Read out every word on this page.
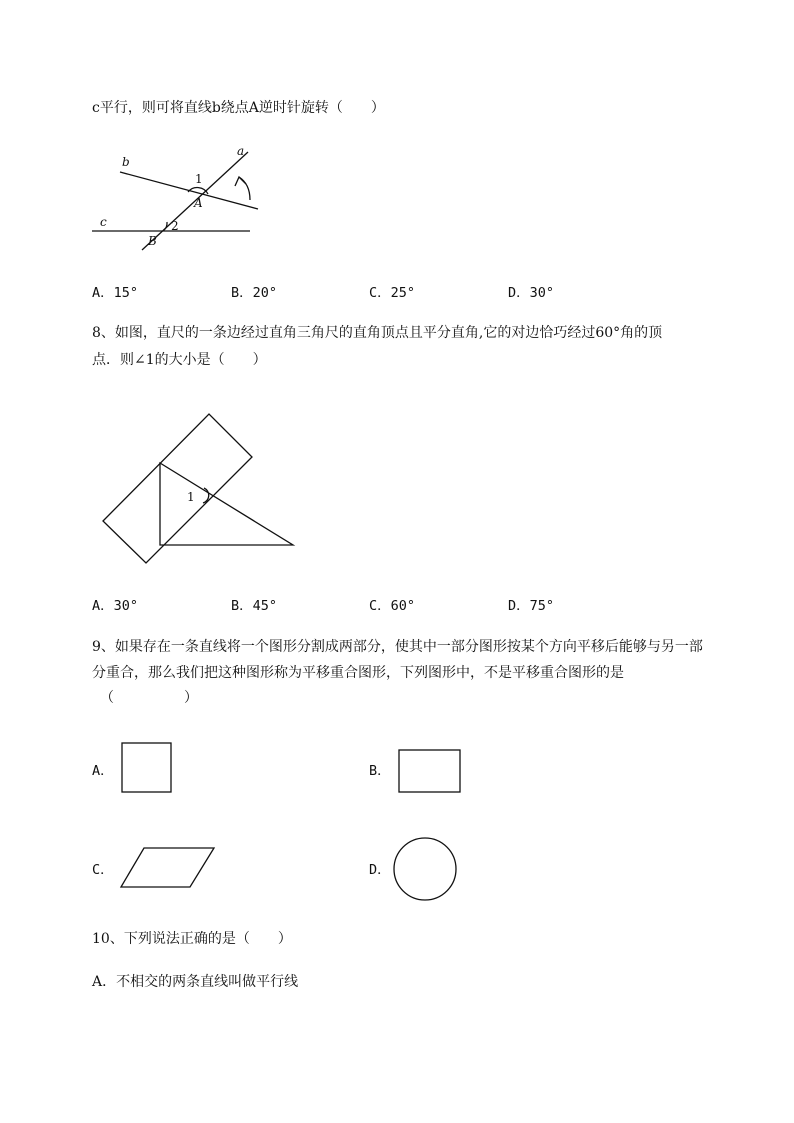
c平行，则可将直线b绕点A逆时针旋转（　　）
a
b
c
A
B
1
2
A．15°	B．20°	C．25°	D．30°
8、如图，直尺的一条边经过直角三角尺的直角顶点且平分直角,它的对边恰巧经过60°角的顶
点．则∠1的大小是（　　）
1
A．30°	B．45°	C．60°	D．75°
9、如果存在一条直线将一个图形分割成两部分，使其中一部分图形按某个方向平移后能够与另一部
分重合，那么我们把这种图形称为平移重合图形，下列图形中，不是平移重合图形的是
（　　　　　）
A．	B．
C．	D．
10、下列说法正确的是（　　）
A．不相交的两条直线叫做平行线
